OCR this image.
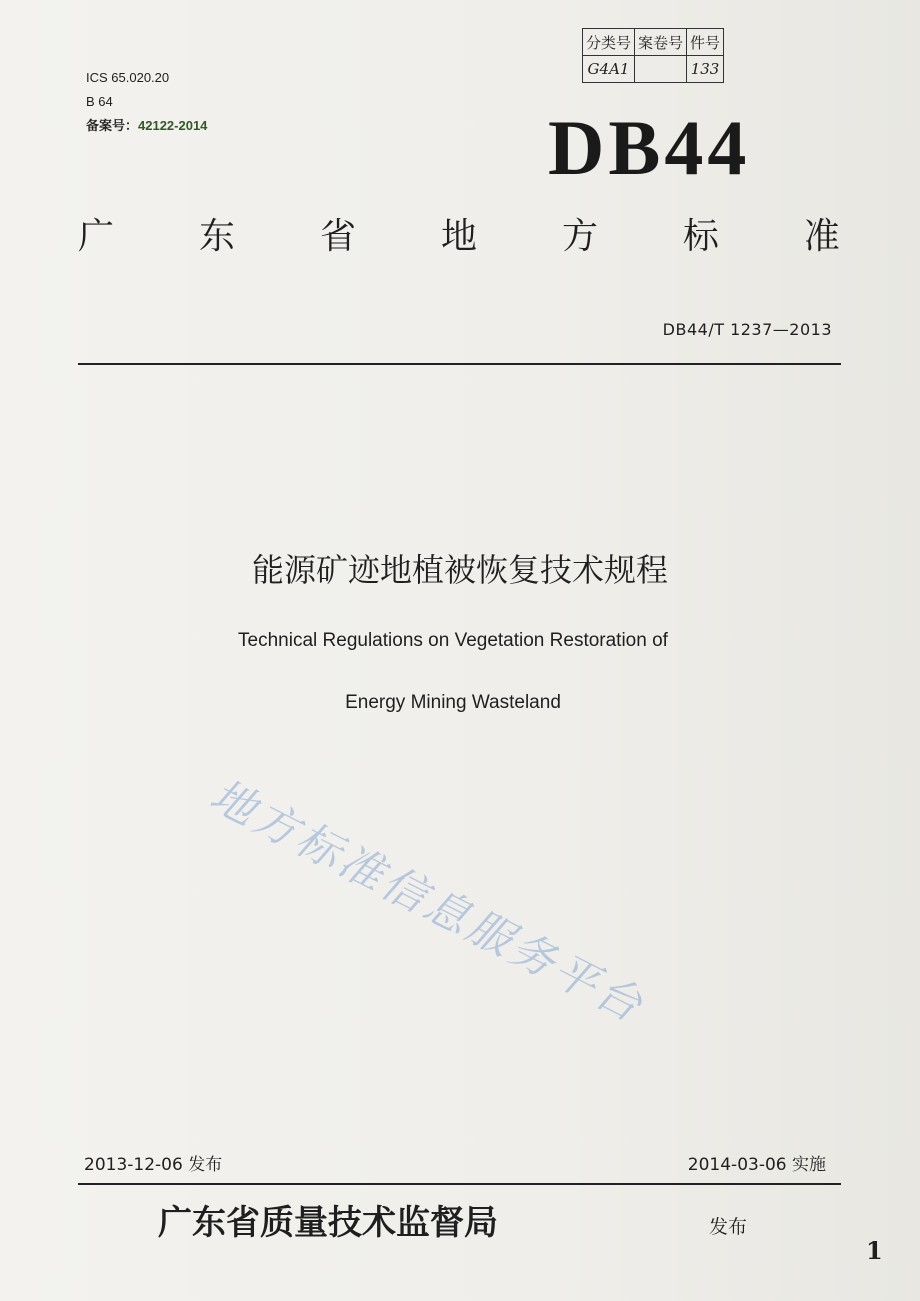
ICS 65.020.20
B 64
备案号：42122-2014
分类号	案卷号	件号
G4A1		133
DB44
广 东 省 地 方 标 准
DB44/T 1237—2013
能源矿迹地植被恢复技术规程
Technical Regulations on Vegetation Restoration of
Energy Mining Wasteland
地方标准信息服务平台
2013-12-06 发布	2014-03-06 实施
广东省质量技术监督局	发布
1
